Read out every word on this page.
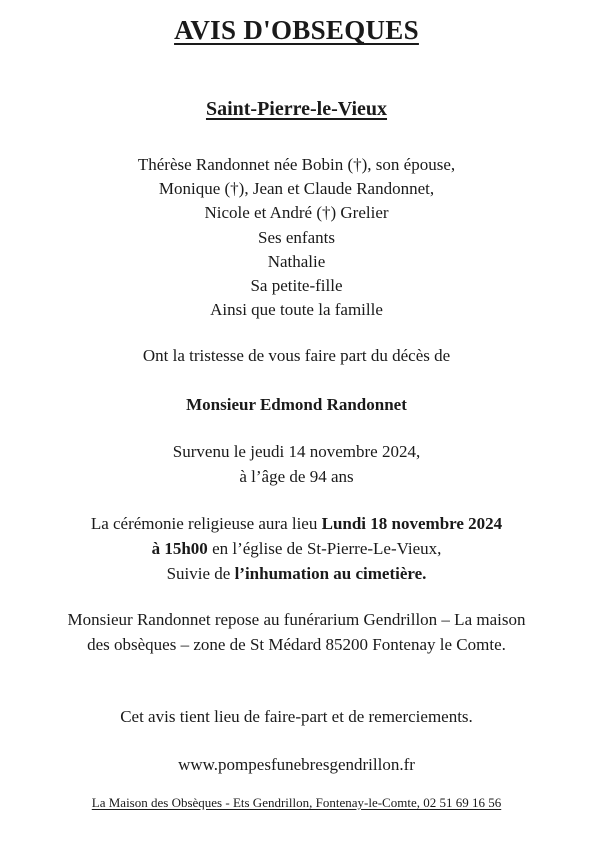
AVIS D'OBSEQUES
Saint-Pierre-le-Vieux
Thérèse Randonnet née Bobin (†), son épouse,
Monique (†), Jean et Claude Randonnet,
Nicole et André (†) Grelier
Ses enfants
Nathalie
Sa petite-fille
Ainsi que toute la famille
Ont la tristesse de vous faire part du décès de
Monsieur Edmond Randonnet
Survenu le jeudi 14 novembre 2024,
à l’âge de 94 ans
La cérémonie religieuse aura lieu Lundi 18 novembre 2024
à 15h00 en l’église de St-Pierre-Le-Vieux,
Suivie de l’inhumation au cimetière.
Monsieur Randonnet repose au funérarium Gendrillon – La maison
des obsèques – zone de St Médard 85200 Fontenay le Comte.
Cet avis tient lieu de faire-part et de remerciements.
www.pompesfunebresgendrillon.fr
La Maison des Obsèques - Ets Gendrillon, Fontenay-le-Comte, 02 51 69 16 56
